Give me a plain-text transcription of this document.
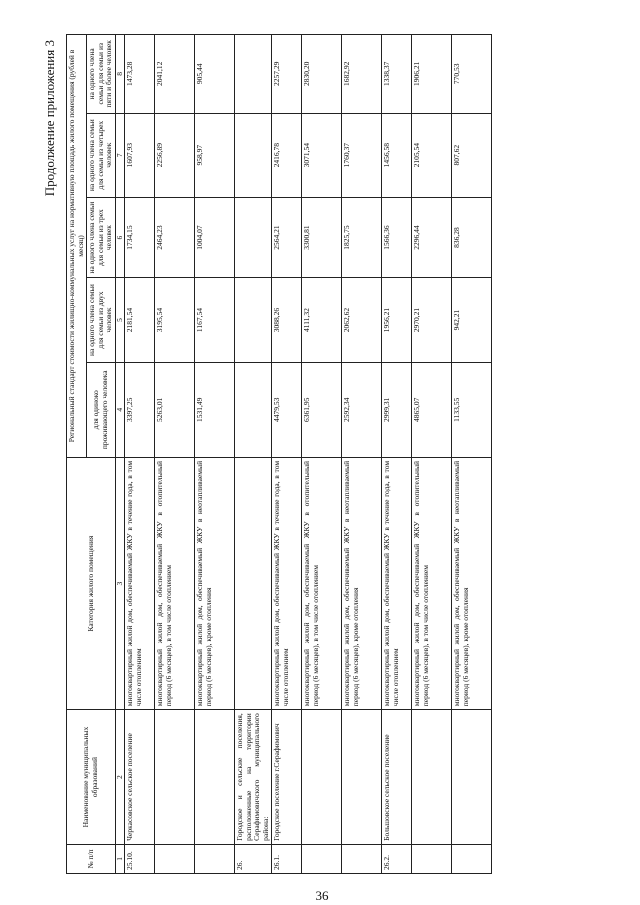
36
Продолжение приложения 3
№ п/п	Наименование муниципальных образований	Категория жилого помещения	Региональный стандарт стоимости жилищно-коммунальных услуг на нормативную площадь жилого помещения (рублей в месяц)				
			для одиноко проживающего человека	на одного члена семьи для семьи из двух человек	на одного члена семьи для семьи из трех человек	на одного члена семьи для семьи из четырех человек	на одного члена семьи для семьи из пяти и более человек
1	2	3	4	5	6	7	8
25.10.	Черкасовское сельское поселение	многоквартирный жилой дом, обеспечиваемый ЖКУ в течение года, в том числе отоплением	3397,25	2181,54	1734,15	1607,93	1473,28
		многоквартирный жилой дом, обеспечиваемый ЖКУ в отопительный период (6 месяцев), в том числе отоплением	5263,01	3195,54	2464,23	2256,89	2041,12
		многоквартирный жилой дом, обеспечиваемый ЖКУ в неотапливаемый период (6 месяцев), кроме отопления	1531,49	1167,54	1004,07	958,97	905,44
26.	Городское и сельские поселения, расположенные на территории Серафимовичского муниципального района:						
26.1.	Городское поселение г.Серафимович	многоквартирный жилой дом, обеспечиваемый ЖКУ в течение года, в том числе отоплением	4479,53	3088,26	2564,21	2416,78	2257,29
		многоквартирный жилой дом, обеспечиваемый ЖКУ в отопительный период (6 месяцев), в том числе отоплением	6361,95	4111,32	3300,81	3071,54	2830,20
		многоквартирный жилой дом, обеспечиваемый ЖКУ в неотапливаемый период (6 месяцев), кроме отопления	2592,34	2062,62	1825,75	1760,37	1682,92
26.2.	Большовское сельское поселение	многоквартирный жилой дом, обеспечиваемый ЖКУ в течение года, в том числе отоплением	2999,31	1956,21	1566,36	1456,58	1338,37
		многоквартирный жилой дом, обеспечиваемый ЖКУ в отопительный период (6 месяцев), в том числе отоплением	4865,07	2970,21	2296,44	2105,54	1906,21
		многоквартирный жилой дом, обеспечиваемый ЖКУ в неотапливаемый период (6 месяцев), кроме отопления	1133,55	942,21	836,28	807,62	770,53
